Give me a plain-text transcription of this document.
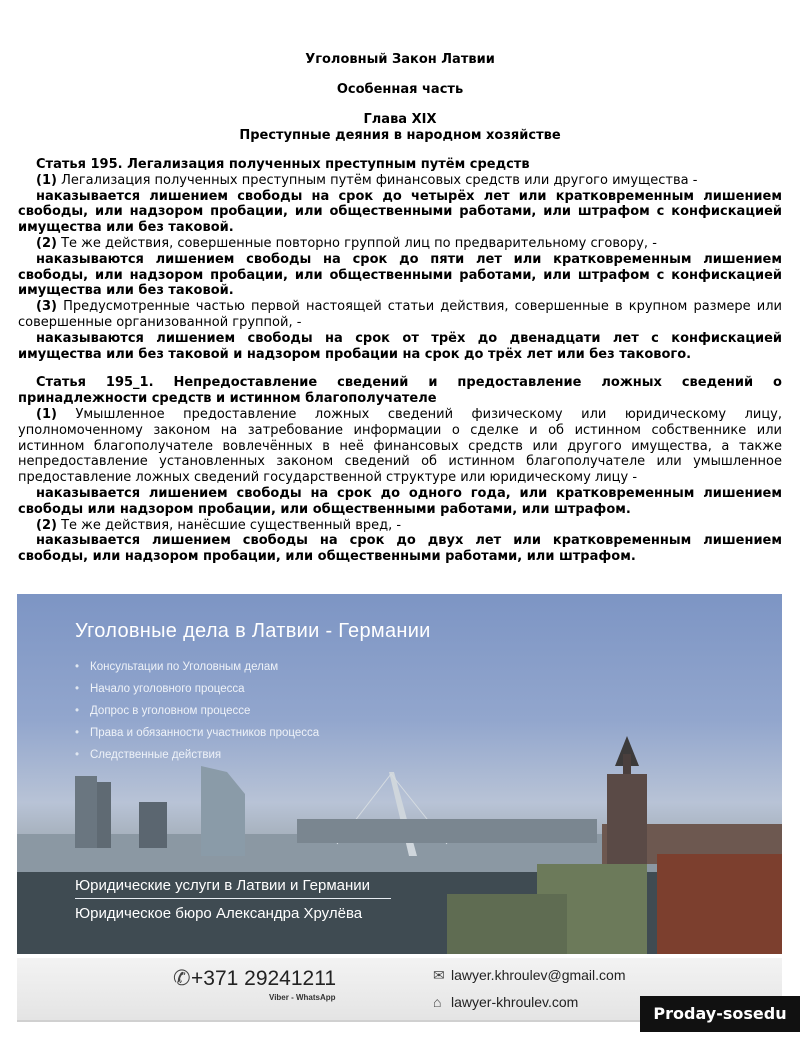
Уголовный Закон Латвии
Особенная часть
Глава XIX
Преступные деяния в народном хозяйстве

Статья 195. Легализация полученных преступным путём средств

(1) Легализация полученных преступным путём финансовых средств или другого имущества -

наказывается лишением свободы на срок до четырёх лет или кратковременным лишением свободы, или надзором пробации, или общественными работами, или штрафом с конфискацией имущества или без таковой.

(2) Те же действия, совершенные повторно группой лиц по предварительному сговору, -

наказываются лишением свободы на срок до пяти лет или кратковременным лишением свободы, или надзором пробации, или общественными работами, или штрафом с конфискацией имущества или без таковой.

(3) Предусмотренные частью первой настоящей статьи действия, совершенные в крупном размере или совершенные организованной группой, -

наказываются лишением свободы на срок от трёх до двенадцати лет с конфискацией имущества или без таковой и надзором пробации на срок до трёх лет или без такового.

Статья 195_1. Непредоставление сведений и предоставление ложных сведений о принадлежности средств и истинном благополучателе

(1) Умышленное предоставление ложных сведений физическому или юридическому лицу, уполномоченному законом на затребование информации о сделке и об истинном собственнике или истинном благополучателе вовлечённых в неё финансовых средств или другого имущества, а также непредоставление установленных законом сведений об истинном благополучателе или умышленное предоставление ложных сведений государственной структуре или юридическому лицу -

наказывается лишением свободы на срок до одного года, или кратковременным лишением свободы или надзором пробации, или общественными работами, или штрафом.

(2) Те же действия, нанёсшие существенный вред, -

наказывается лишением свободы на срок до двух лет или кратковременным лишением свободы, или надзором пробации, или общественными работами, или штрафом.

Уголовные дела в Латвии - Германии
• Консультации по Уголовным делам
• Начало уголовного процесса
• Допрос в уголовном процессе
• Права и обязанности участников процесса
• Следственные действия
Юридические услуги в Латвии и Германии
Юридическое бюро Александра Хрулёва
✆+371 29241211
Viber - WhatsApp
✉ lawyer.khroulev@gmail.com
⌂ lawyer-khroulev.com
Proday-sosedu
